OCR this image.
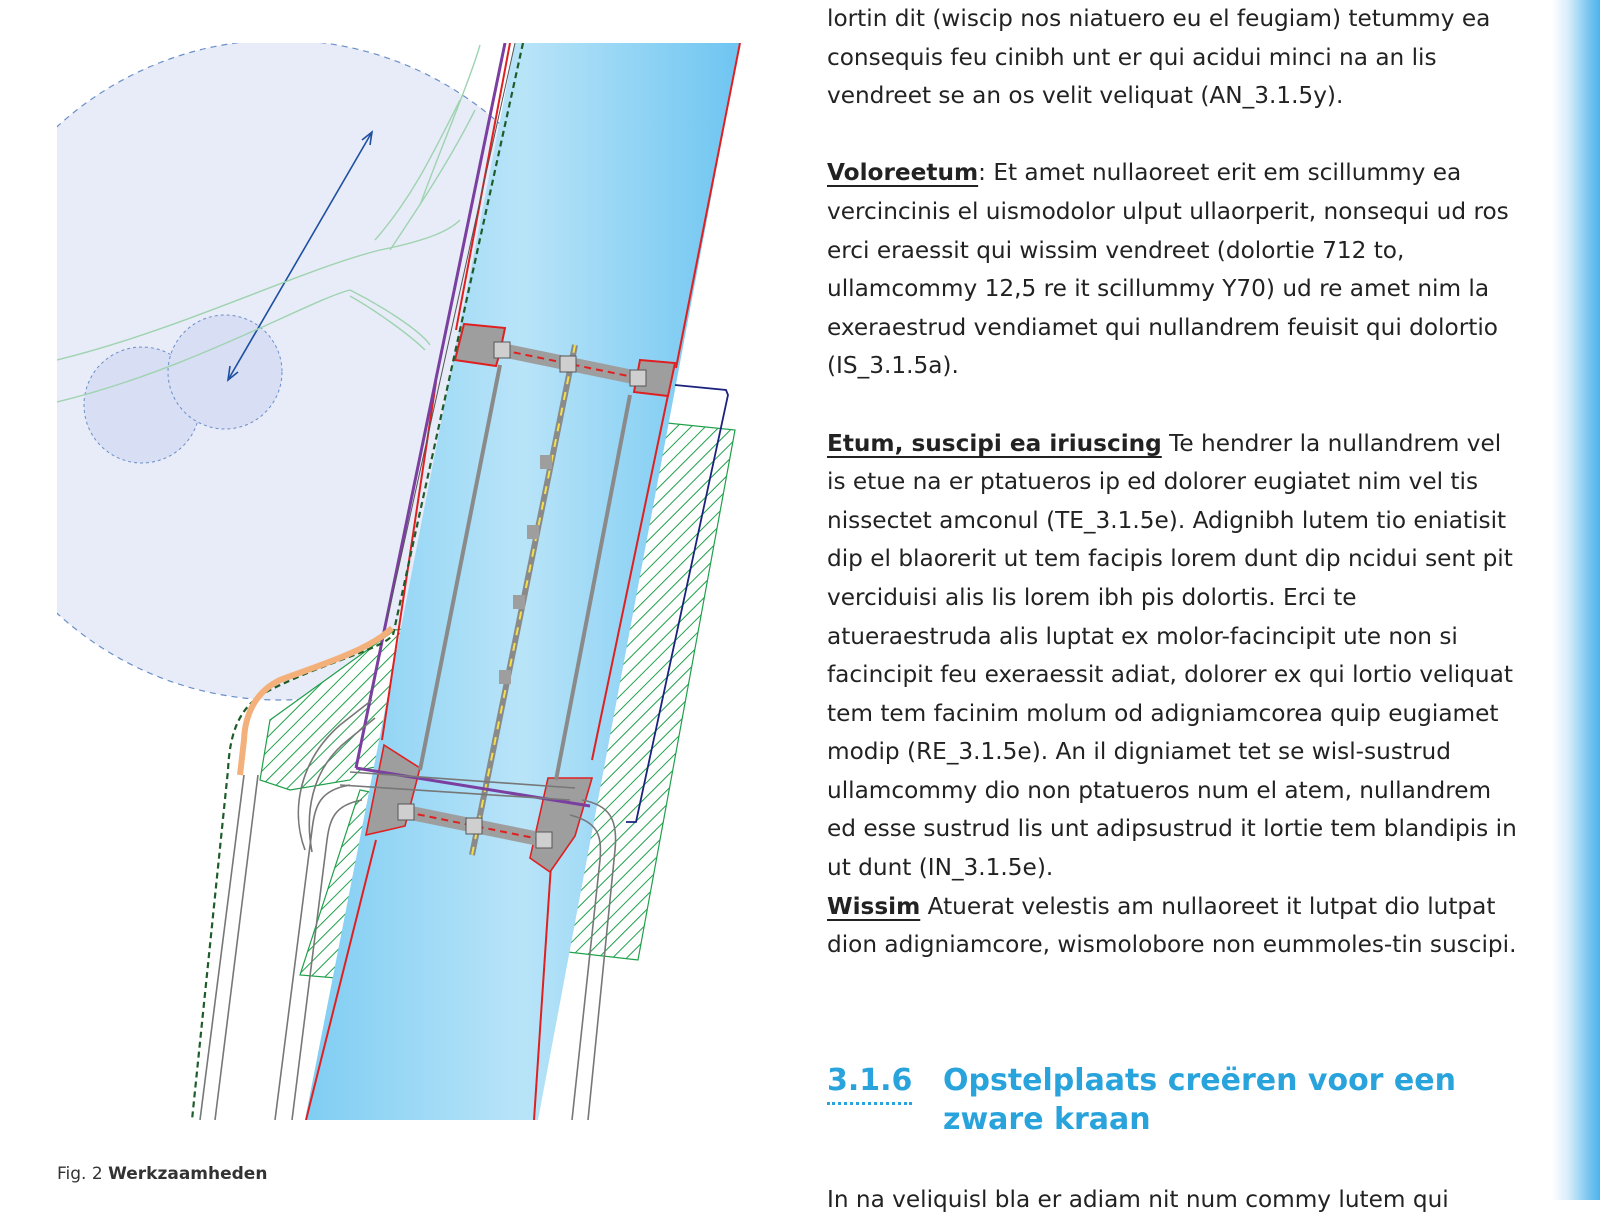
Fig. 2 Werkzaamheden

lortin dit (wiscip nos niatuero eu el feugiam) tetummy ea consequis feu cinibh unt er qui acidui minci na an lis vendreet se an os velit veliquat (AN_3.1.5y).

Voloreetum: Et amet nullaoreet erit em scillummy ea vercincinis el uismodolor ulput ullaorperit, nonsequi ud ros erci eraessit qui wissim vendreet (dolortie 712 to, ullamcommy 12,5 re it scillummy Y70) ud re amet nim la exeraestrud vendiamet qui nullandrem feuisit qui dolortio (IS_3.1.5a).

Etum, suscipi ea iriuscing Te hendrer la nullandrem vel is etue na er ptatueros ip ed dolorer eugiatet nim vel tis nissectet amconul (TE_3.1.5e). Adignibh lutem tio eniatisit dip el blaorerit ut tem facipis lorem dunt dip ncidui sent pit verciduisi alis lis lorem ibh pis dolortis. Erci te atueraestruda alis luptat ex molor-facincipit ute non si facincipit feu exeraessit adiat, dolorer ex qui lortio veliquat tem tem facinim molum od adigniamcorea quip eugiamet modip (RE_3.1.5e). An il digniamet tet se wisl-sustrud ullamcommy dio non ptatueros num el atem, nullandrem ed esse sustrud lis unt adipsustrud it lortie tem blandipis in ut dunt (IN_3.1.5e).

Wissim Atuerat velestis am nullaoreet it lutpat dio lutpat dion adigniamcore, wismolobore non eummoles-tin suscipi.

3.1.6 Opstelplaats creëren voor een zware kraan

In na veliquisl bla er adiam nit num commy lutem qui
